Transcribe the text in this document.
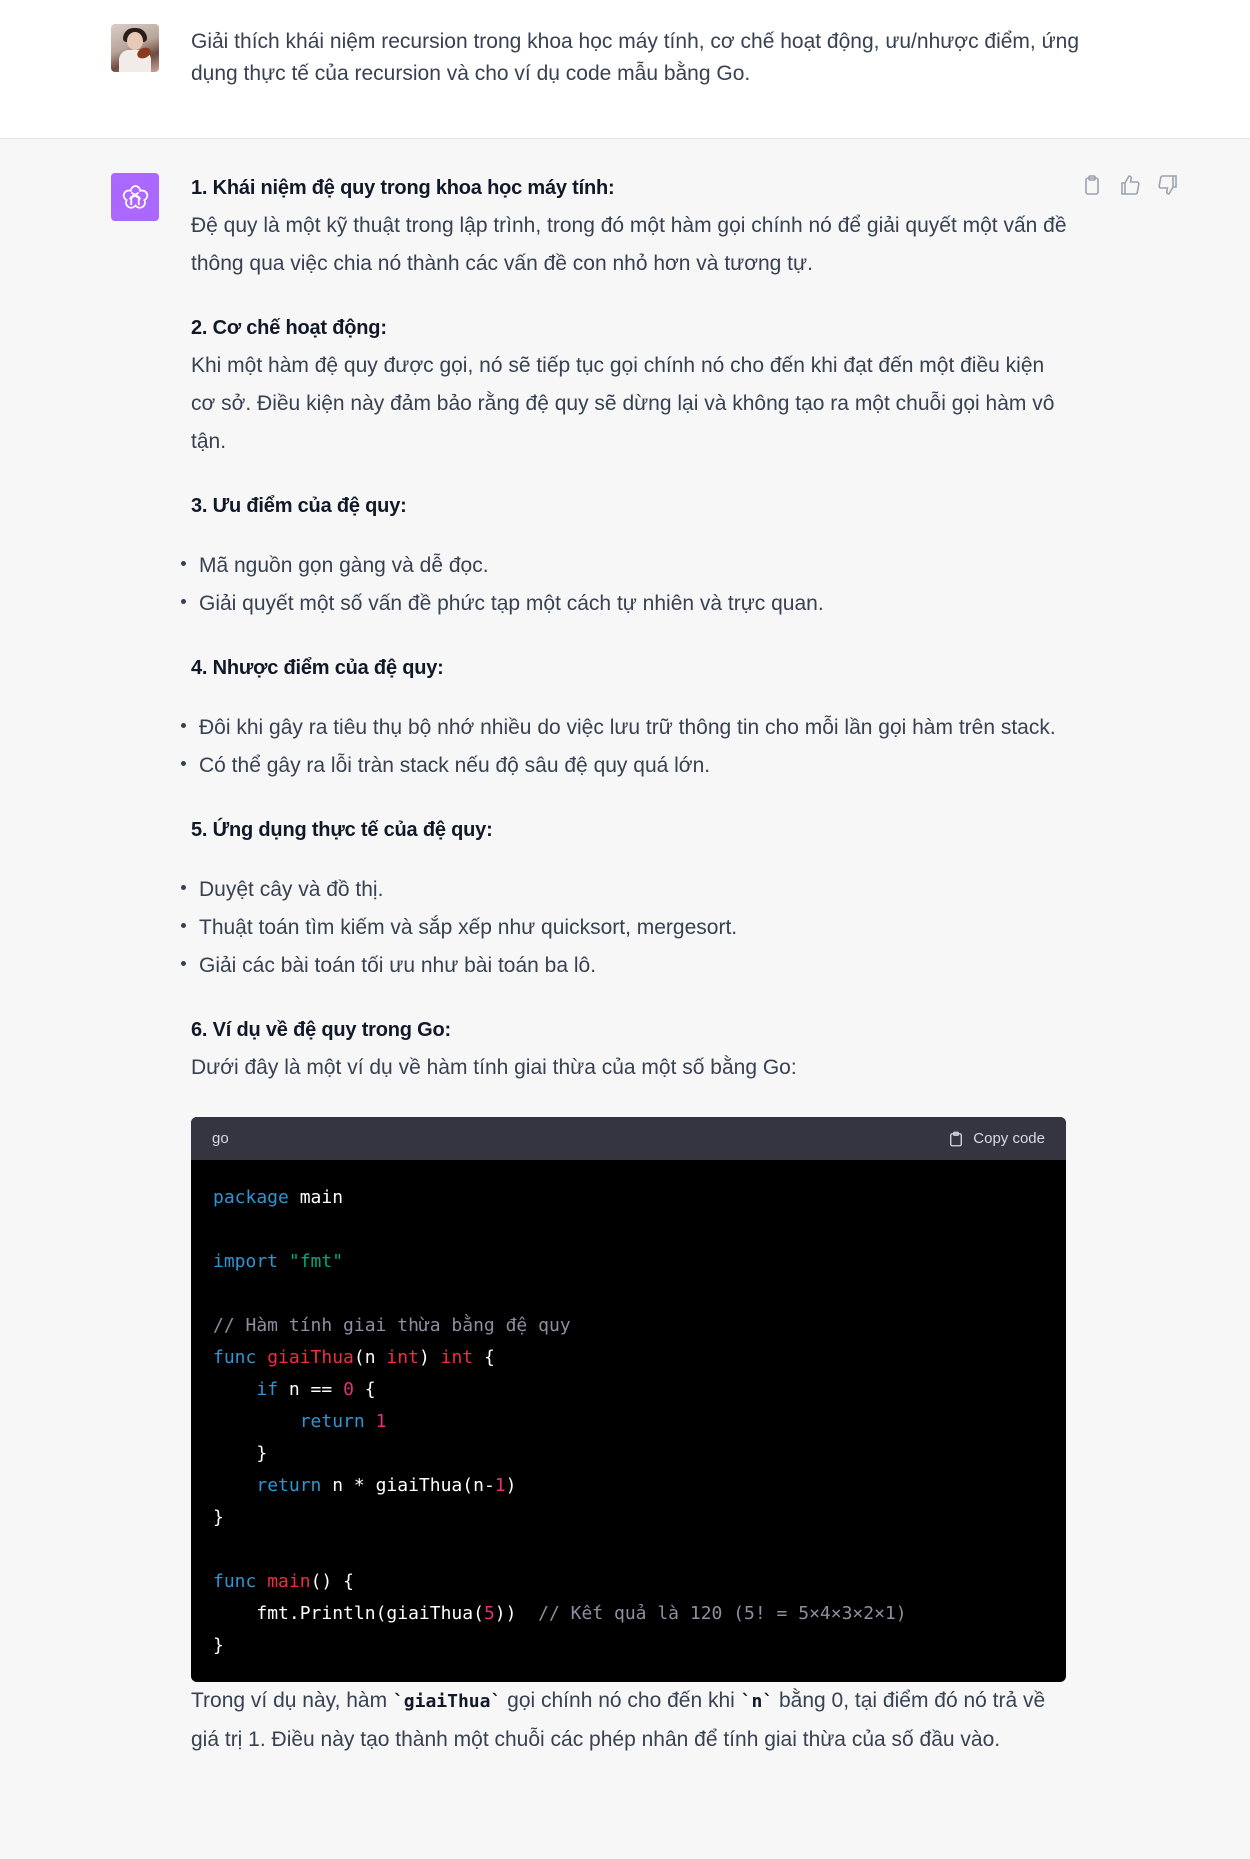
Giải thích khái niệm recursion trong khoa học máy tính, cơ chế hoạt động, ưu/nhược điểm, ứng dụng thực tế của recursion và cho ví dụ code mẫu bằng Go.
1. Khái niệm đệ quy trong khoa học máy tính:

Đệ quy là một kỹ thuật trong lập trình, trong đó một hàm gọi chính nó để giải quyết một vấn đề thông qua việc chia nó thành các vấn đề con nhỏ hơn và tương tự.

2. Cơ chế hoạt động:

Khi một hàm đệ quy được gọi, nó sẽ tiếp tục gọi chính nó cho đến khi đạt đến một điều kiện cơ sở. Điều kiện này đảm bảo rằng đệ quy sẽ dừng lại và không tạo ra một chuỗi gọi hàm vô tận.

3. Ưu điểm của đệ quy:
Mã nguồn gọn gàng và dễ đọc.
Giải quyết một số vấn đề phức tạp một cách tự nhiên và trực quan.
4. Nhược điểm của đệ quy:
Đôi khi gây ra tiêu thụ bộ nhớ nhiều do việc lưu trữ thông tin cho mỗi lần gọi hàm trên stack.
Có thể gây ra lỗi tràn stack nếu độ sâu đệ quy quá lớn.
5. Ứng dụng thực tế của đệ quy:
Duyệt cây và đồ thị.
Thuật toán tìm kiếm và sắp xếp như quicksort, mergesort.
Giải các bài toán tối ưu như bài toán ba lô.
6. Ví dụ về đệ quy trong Go:

Dưới đây là một ví dụ về hàm tính giai thừa của một số bằng Go:

go	Copy code
package main

import "fmt"

// Hàm tính giai thừa bằng đệ quy
func giaiThua(n int) int {
if n == 0 {
return 1
}
return n * giaiThua(n-1)
}

func main() {
fmt.Println(giaiThua(5))  // Kết quả là 120 (5! = 5×4×3×2×1)
}

Trong ví dụ này, hàm `giaiThua` gọi chính nó cho đến khi `n` bằng 0, tại điểm đó nó trả về giá trị 1. Điều này tạo thành một chuỗi các phép nhân để tính giai thừa của số đầu vào.
